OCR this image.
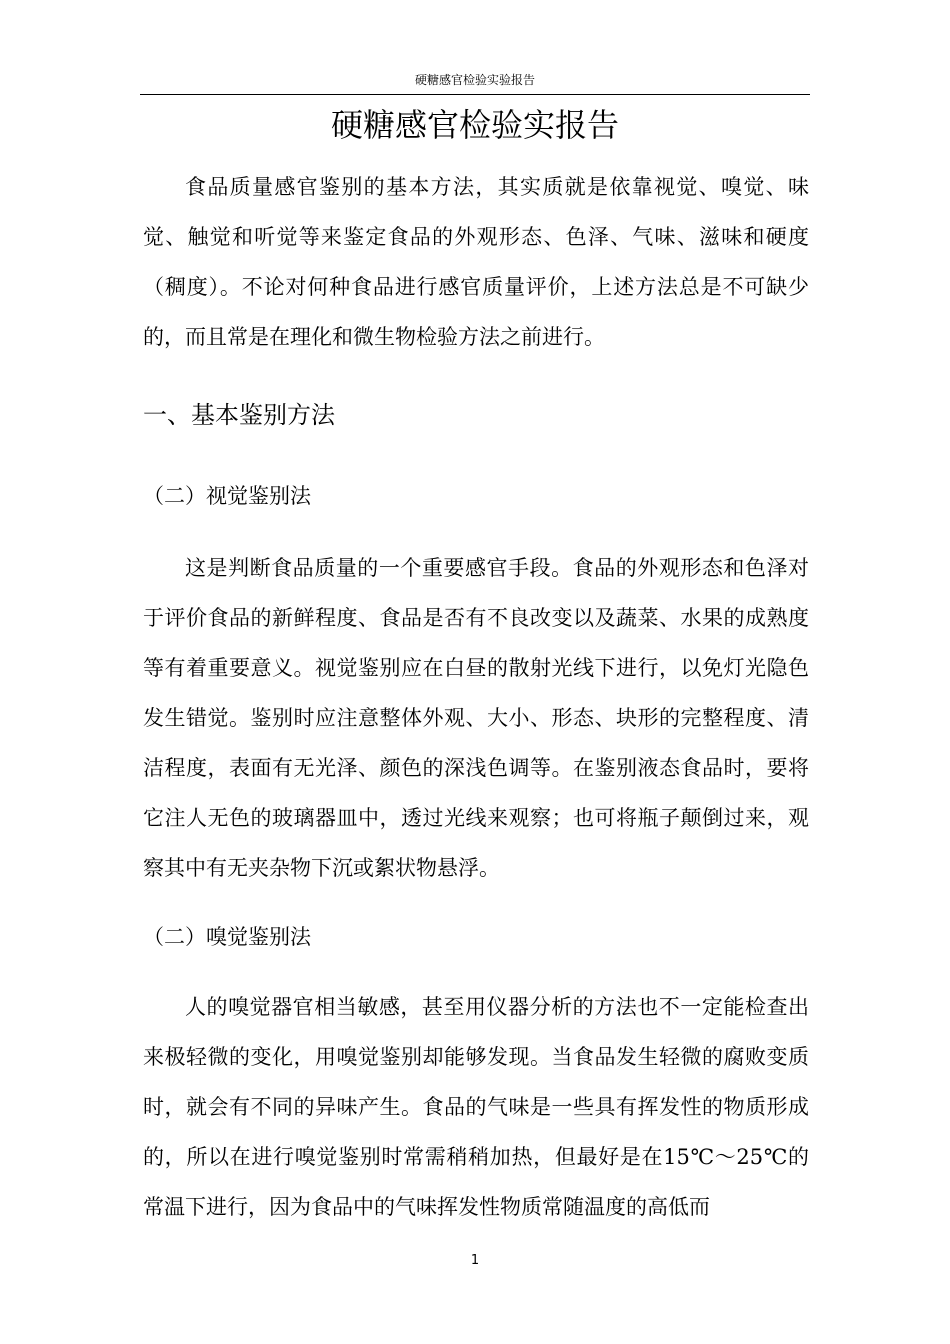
硬糖感官检验实验报告
硬糖感官检验实报告

食品质量感官鉴别的基本方法，其实质就是依靠视觉、嗅觉、味觉、触觉和听觉等来鉴定食品的外观形态、色泽、气味、滋味和硬度（稠度）。不论对何种食品进行感官质量评价，上述方法总是不可缺少的，而且常是在理化和微生物检验方法之前进行。

一、基本鉴别方法
（二）视觉鉴别法

这是判断食品质量的一个重要感官手段。食品的外观形态和色泽对于评价食品的新鲜程度、食品是否有不良改变以及蔬菜、水果的成熟度等有着重要意义。视觉鉴别应在白昼的散射光线下进行，以免灯光隐色发生错觉。鉴别时应注意整体外观、大小、形态、块形的完整程度、清洁程度，表面有无光泽、颜色的深浅色调等。在鉴别液态食品时，要将它注人无色的玻璃器皿中，透过光线来观察；也可将瓶子颠倒过来，观察其中有无夹杂物下沉或絮状物悬浮。

（二）嗅觉鉴别法

人的嗅觉器官相当敏感，甚至用仪器分析的方法也不一定能检查出来极轻微的变化，用嗅觉鉴别却能够发现。当食品发生轻微的腐败变质时，就会有不同的异味产生。食品的气味是一些具有挥发性的物质形成的，所以在进行嗅觉鉴别时常需稍稍加热，但最好是在15℃～25℃的常温下进行，因为食品中的气味挥发性物质常随温度的高低而

1
